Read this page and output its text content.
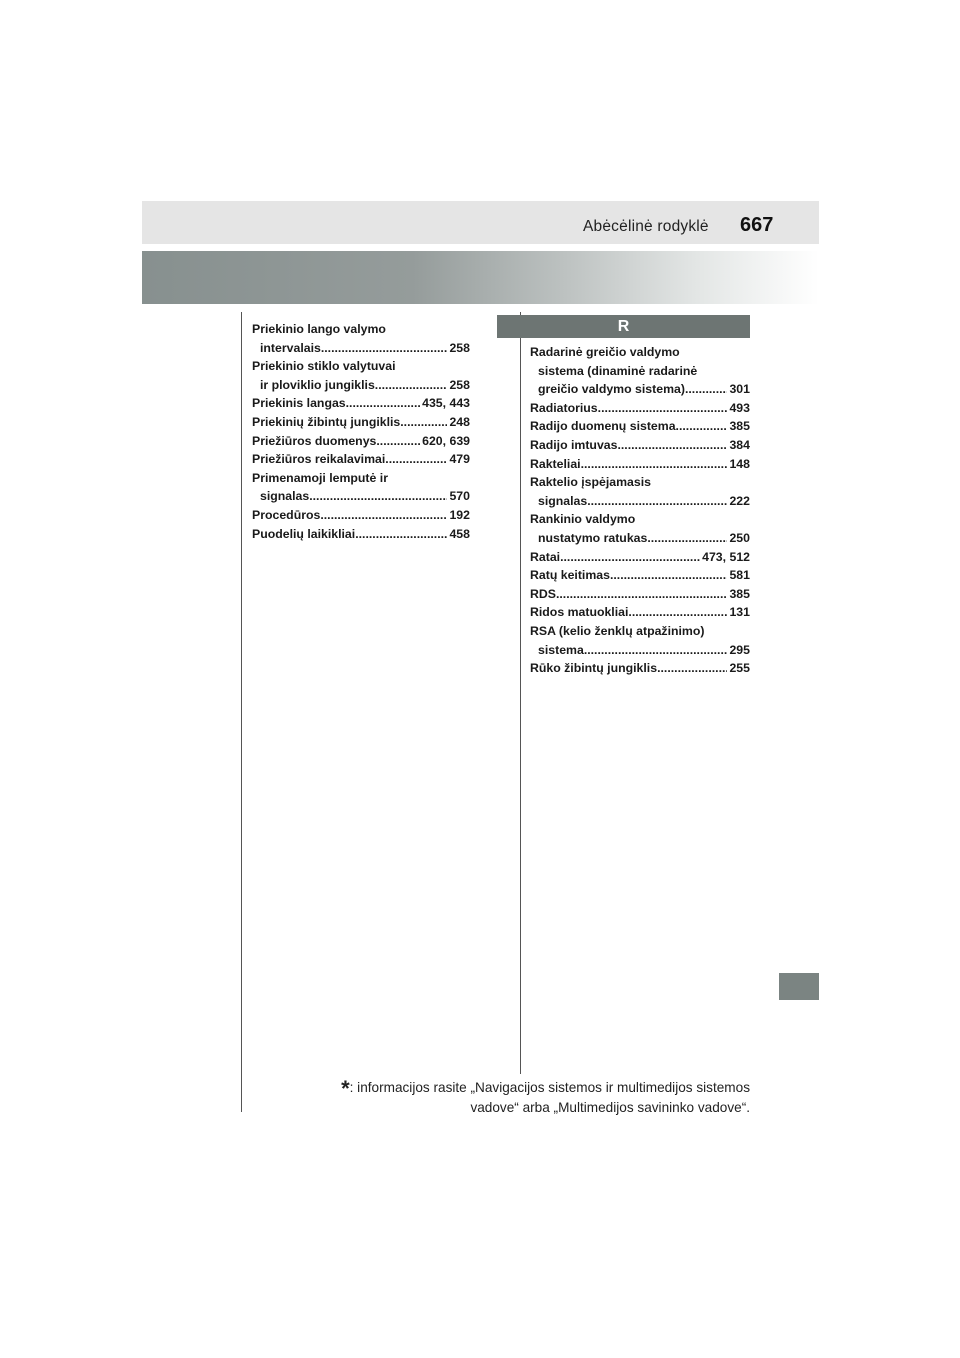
Abėcėlinė rodyklė 667
R
Priekinio lango valymo
intervalais .....	258
Priekinio stiklo valytuvai
ir ploviklio jungiklis .....	258
Priekinis langas .....	435, 443
Priekinių žibintų jungiklis .....	248
Priežiūros duomenys .....	620, 639
Priežiūros reikalavimai .....	479
Primenamoji lemputė ir
signalas .....	570
Procedūros .....	192
Puodelių laikikliai .....	458
Radarinė greičio valdymo
sistema (dinaminė radarinė
greičio valdymo sistema) .....	301
Radiatorius .....	493
Radijo duomenų sistema .....	385
Radijo imtuvas .....	384
Rakteliai .....	148
Raktelio įspėjamasis
signalas .....	222
Rankinio valdymo
nustatymo ratukas .....	250
Ratai .....	473, 512
Ratų keitimas .....	581
RDS .....	385
Ridos matuokliai .....	131
RSA (kelio ženklų atpažinimo)
sistema .....	295
Rūko žibintų jungiklis .....	255
*: informacijos rasite „Navigacijos sistemos ir multimedijos sistemos
vadove“ arba „Multimedijos savininko vadove“.
